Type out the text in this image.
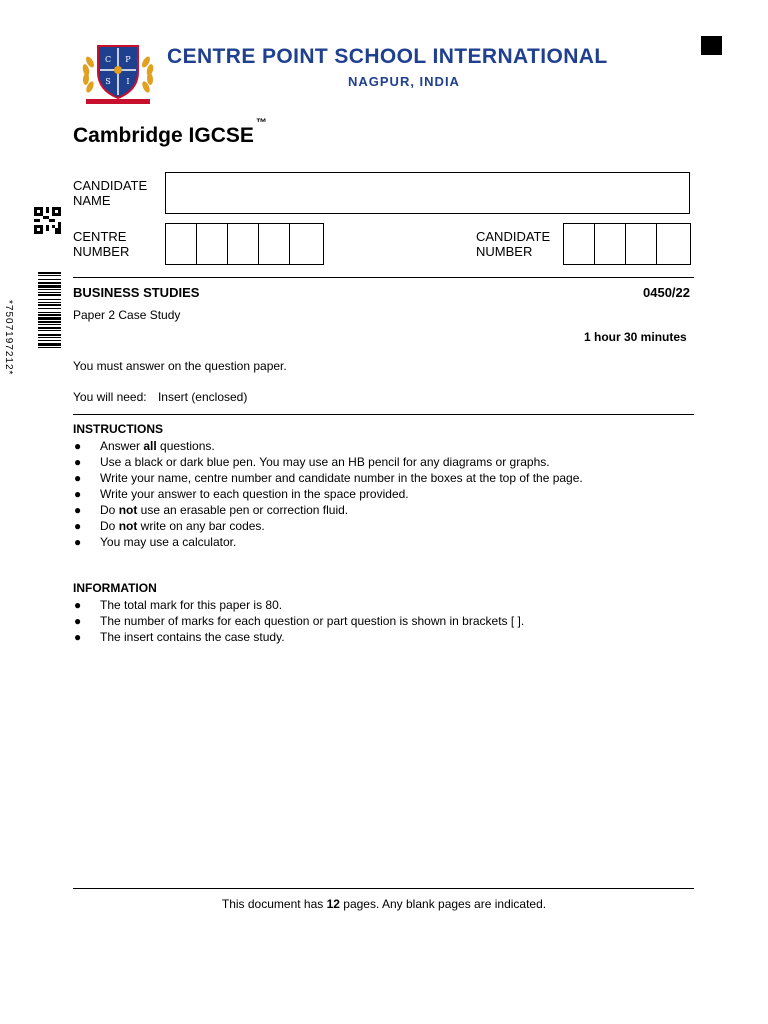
C P
S I
CENTRE POINT SCHOOL INTERNATIONAL
NAGPUR, INDIA
Cambridge IGCSE™
*7507197212*
CANDIDATE
NAME
CENTRE
NUMBER
CANDIDATE
NUMBER
BUSINESS STUDIES	0450/22
Paper 2 Case Study
1 hour 30 minutes
You must answer on the question paper.
You will need: Insert (enclosed)
INSTRUCTIONS
● Answer all questions.
● Use a black or dark blue pen. You may use an HB pencil for any diagrams or graphs.
● Write your name, centre number and candidate number in the boxes at the top of the page.
● Write your answer to each question in the space provided.
● Do not use an erasable pen or correction fluid.
● Do not write on any bar codes.
● You may use a calculator.
INFORMATION
● The total mark for this paper is 80.
● The number of marks for each question or part question is shown in brackets [ ].
● The insert contains the case study.
This document has 12 pages. Any blank pages are indicated.
